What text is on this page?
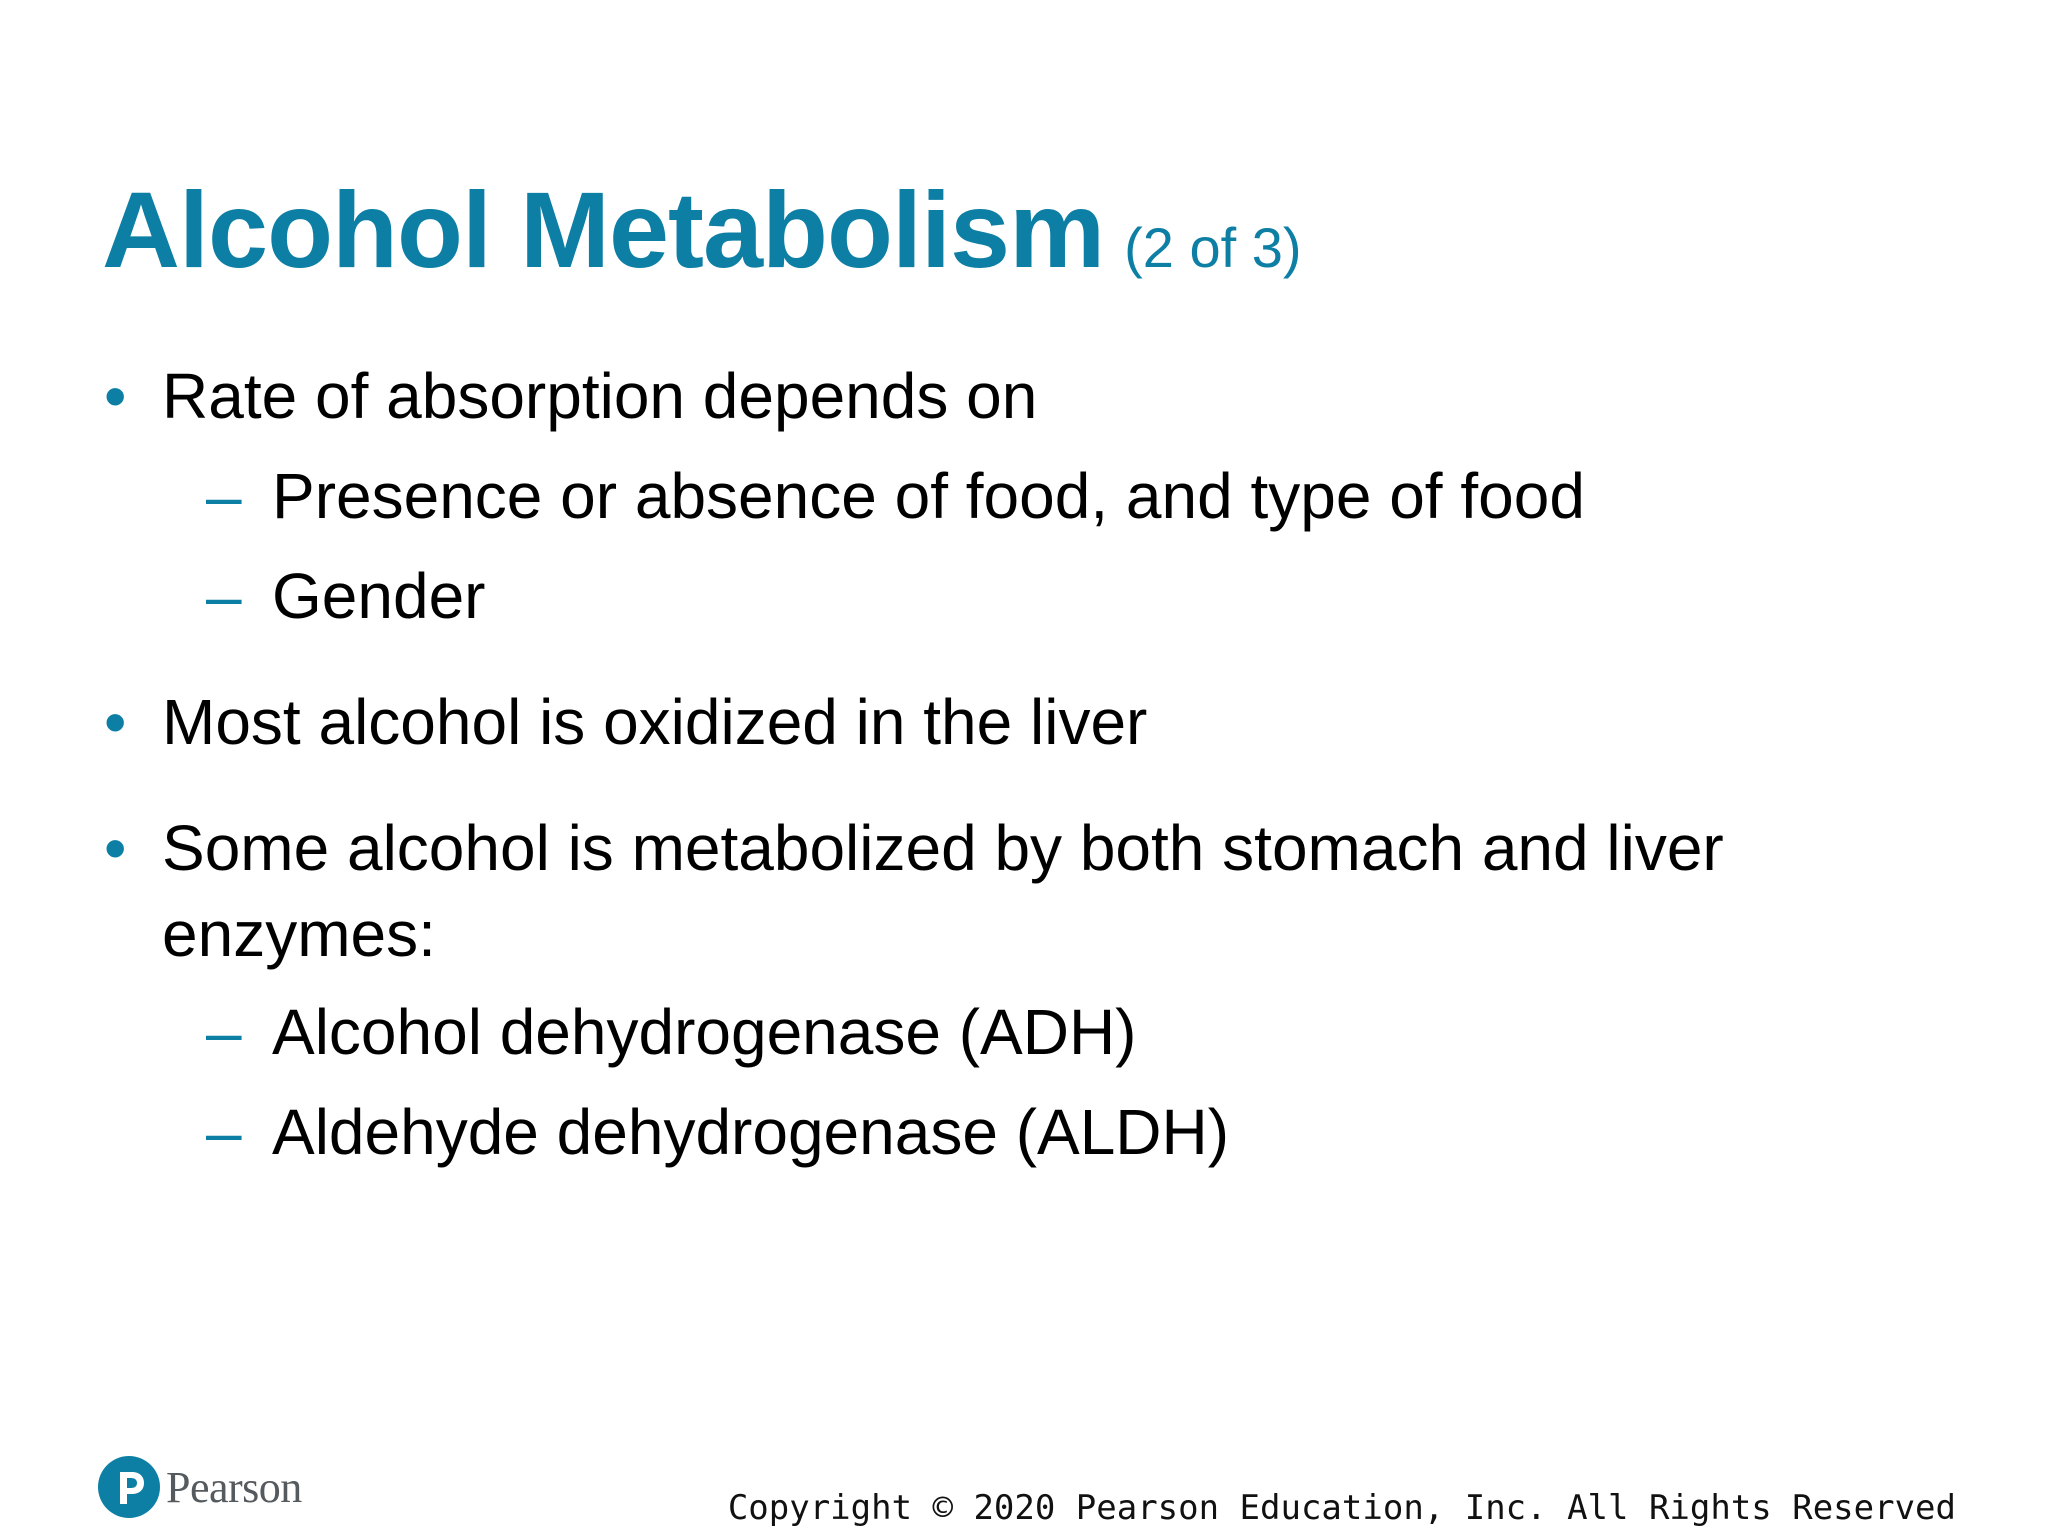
Alcohol Metabolism (2 of 3)
• Rate of absorption depends on
– Presence or absence of food, and type of food
– Gender
• Most alcohol is oxidized in the liver
• Some alcohol is metabolized by both stomach and liver
enzymes:
– Alcohol dehydrogenase (ADH)
– Aldehyde dehydrogenase (ALDH)
Pearson	Copyright © 2020 Pearson Education, Inc. All Rights Reserved
